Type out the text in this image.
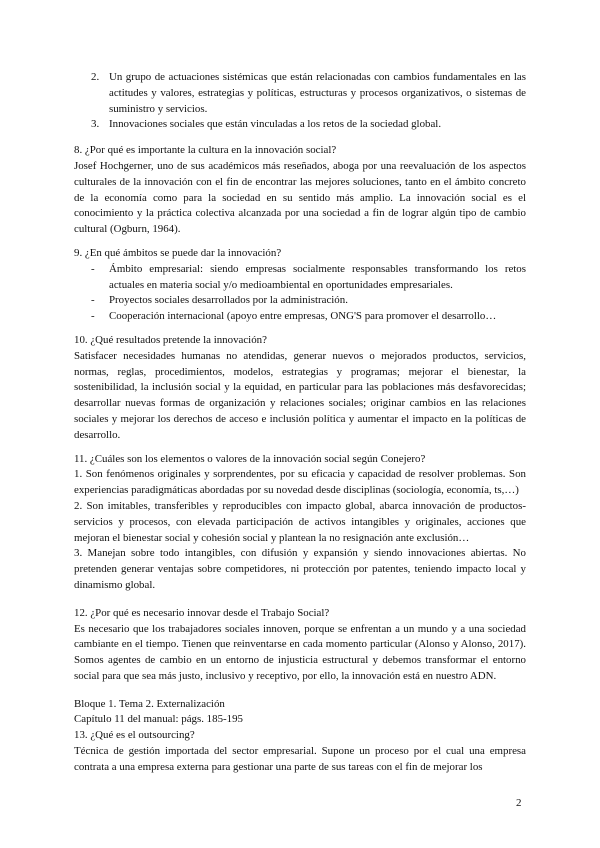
2. Un grupo de actuaciones sistémicas que están relacionadas con cambios fundamentales en las actitudes y valores, estrategias y políticas, estructuras y procesos organizativos, o sistemas de suministro y servicios.
3. Innovaciones sociales que están vinculadas a los retos de la sociedad global.

8. ¿Por qué es importante la cultura en la innovación social?

Josef Hochgerner, uno de sus académicos más reseñados, aboga por una reevaluación de los aspectos culturales de la innovación con el fin de encontrar las mejores soluciones, tanto en el ámbito concreto de la economía como para la sociedad en su sentido más amplio. La innovación social es el conocimiento y la práctica colectiva alcanzada por una sociedad a fin de lograr algún tipo de cambio cultural (Ogburn, 1964).

9. ¿En qué ámbitos se puede dar la innovación?

- Ámbito empresarial: siendo empresas socialmente responsables transformando los retos actuales en materia social y/o medioambiental en oportunidades empresariales.
- Proyectos sociales desarrollados por la administración.
- Cooperación internacional (apoyo entre empresas, ONG'S para promover el desarrollo…

10. ¿Qué resultados pretende la innovación?

Satisfacer necesidades humanas no atendidas, generar nuevos o mejorados productos, servicios, normas, reglas, procedimientos, modelos, estrategias y programas; mejorar el bienestar, la sostenibilidad, la inclusión social y la equidad, en particular para las poblaciones más desfavorecidas; desarrollar nuevas formas de organización y relaciones sociales; originar cambios en las relaciones sociales y mejorar los derechos de acceso e inclusión política y aumentar el impacto en la políticas de desarrollo.

11. ¿Cuáles son los elementos o valores de la innovación social según Conejero?

1. Son fenómenos originales y sorprendentes, por su eficacia y capacidad de resolver problemas. Son experiencias paradigmáticas abordadas por su novedad desde disciplinas (sociología, economía, ts,…)

2. Son imitables, transferibles y reproducibles con impacto global, abarca innovación de productos-servicios y procesos, con elevada participación de activos intangibles y originales, acciones que mejoran el bienestar social y cohesión social y plantean la no resignación ante exclusión…

3. Manejan sobre todo intangibles, con difusión y expansión y siendo innovaciones abiertas. No pretenden generar ventajas sobre competidores, ni protección por patentes, teniendo impacto local y dinamismo global.

12. ¿Por qué es necesario innovar desde el Trabajo Social?

Es necesario que los trabajadores sociales innoven, porque se enfrentan a un mundo y a una sociedad cambiante en el tiempo. Tienen que reinventarse en cada momento particular (Alonso y Alonso, 2017). Somos agentes de cambio en un entorno de injusticia estructural y debemos transformar el entorno social para que sea más justo, inclusivo y receptivo, por ello, la innovación está en nuestro ADN.

Bloque 1. Tema 2. Externalización

Capítulo 11 del manual: págs. 185-195

13. ¿Qué es el outsourcing?

Técnica de gestión importada del sector empresarial. Supone un proceso por el cual una empresa contrata a una empresa externa para gestionar una parte de sus tareas con el fin de mejorar los

2
